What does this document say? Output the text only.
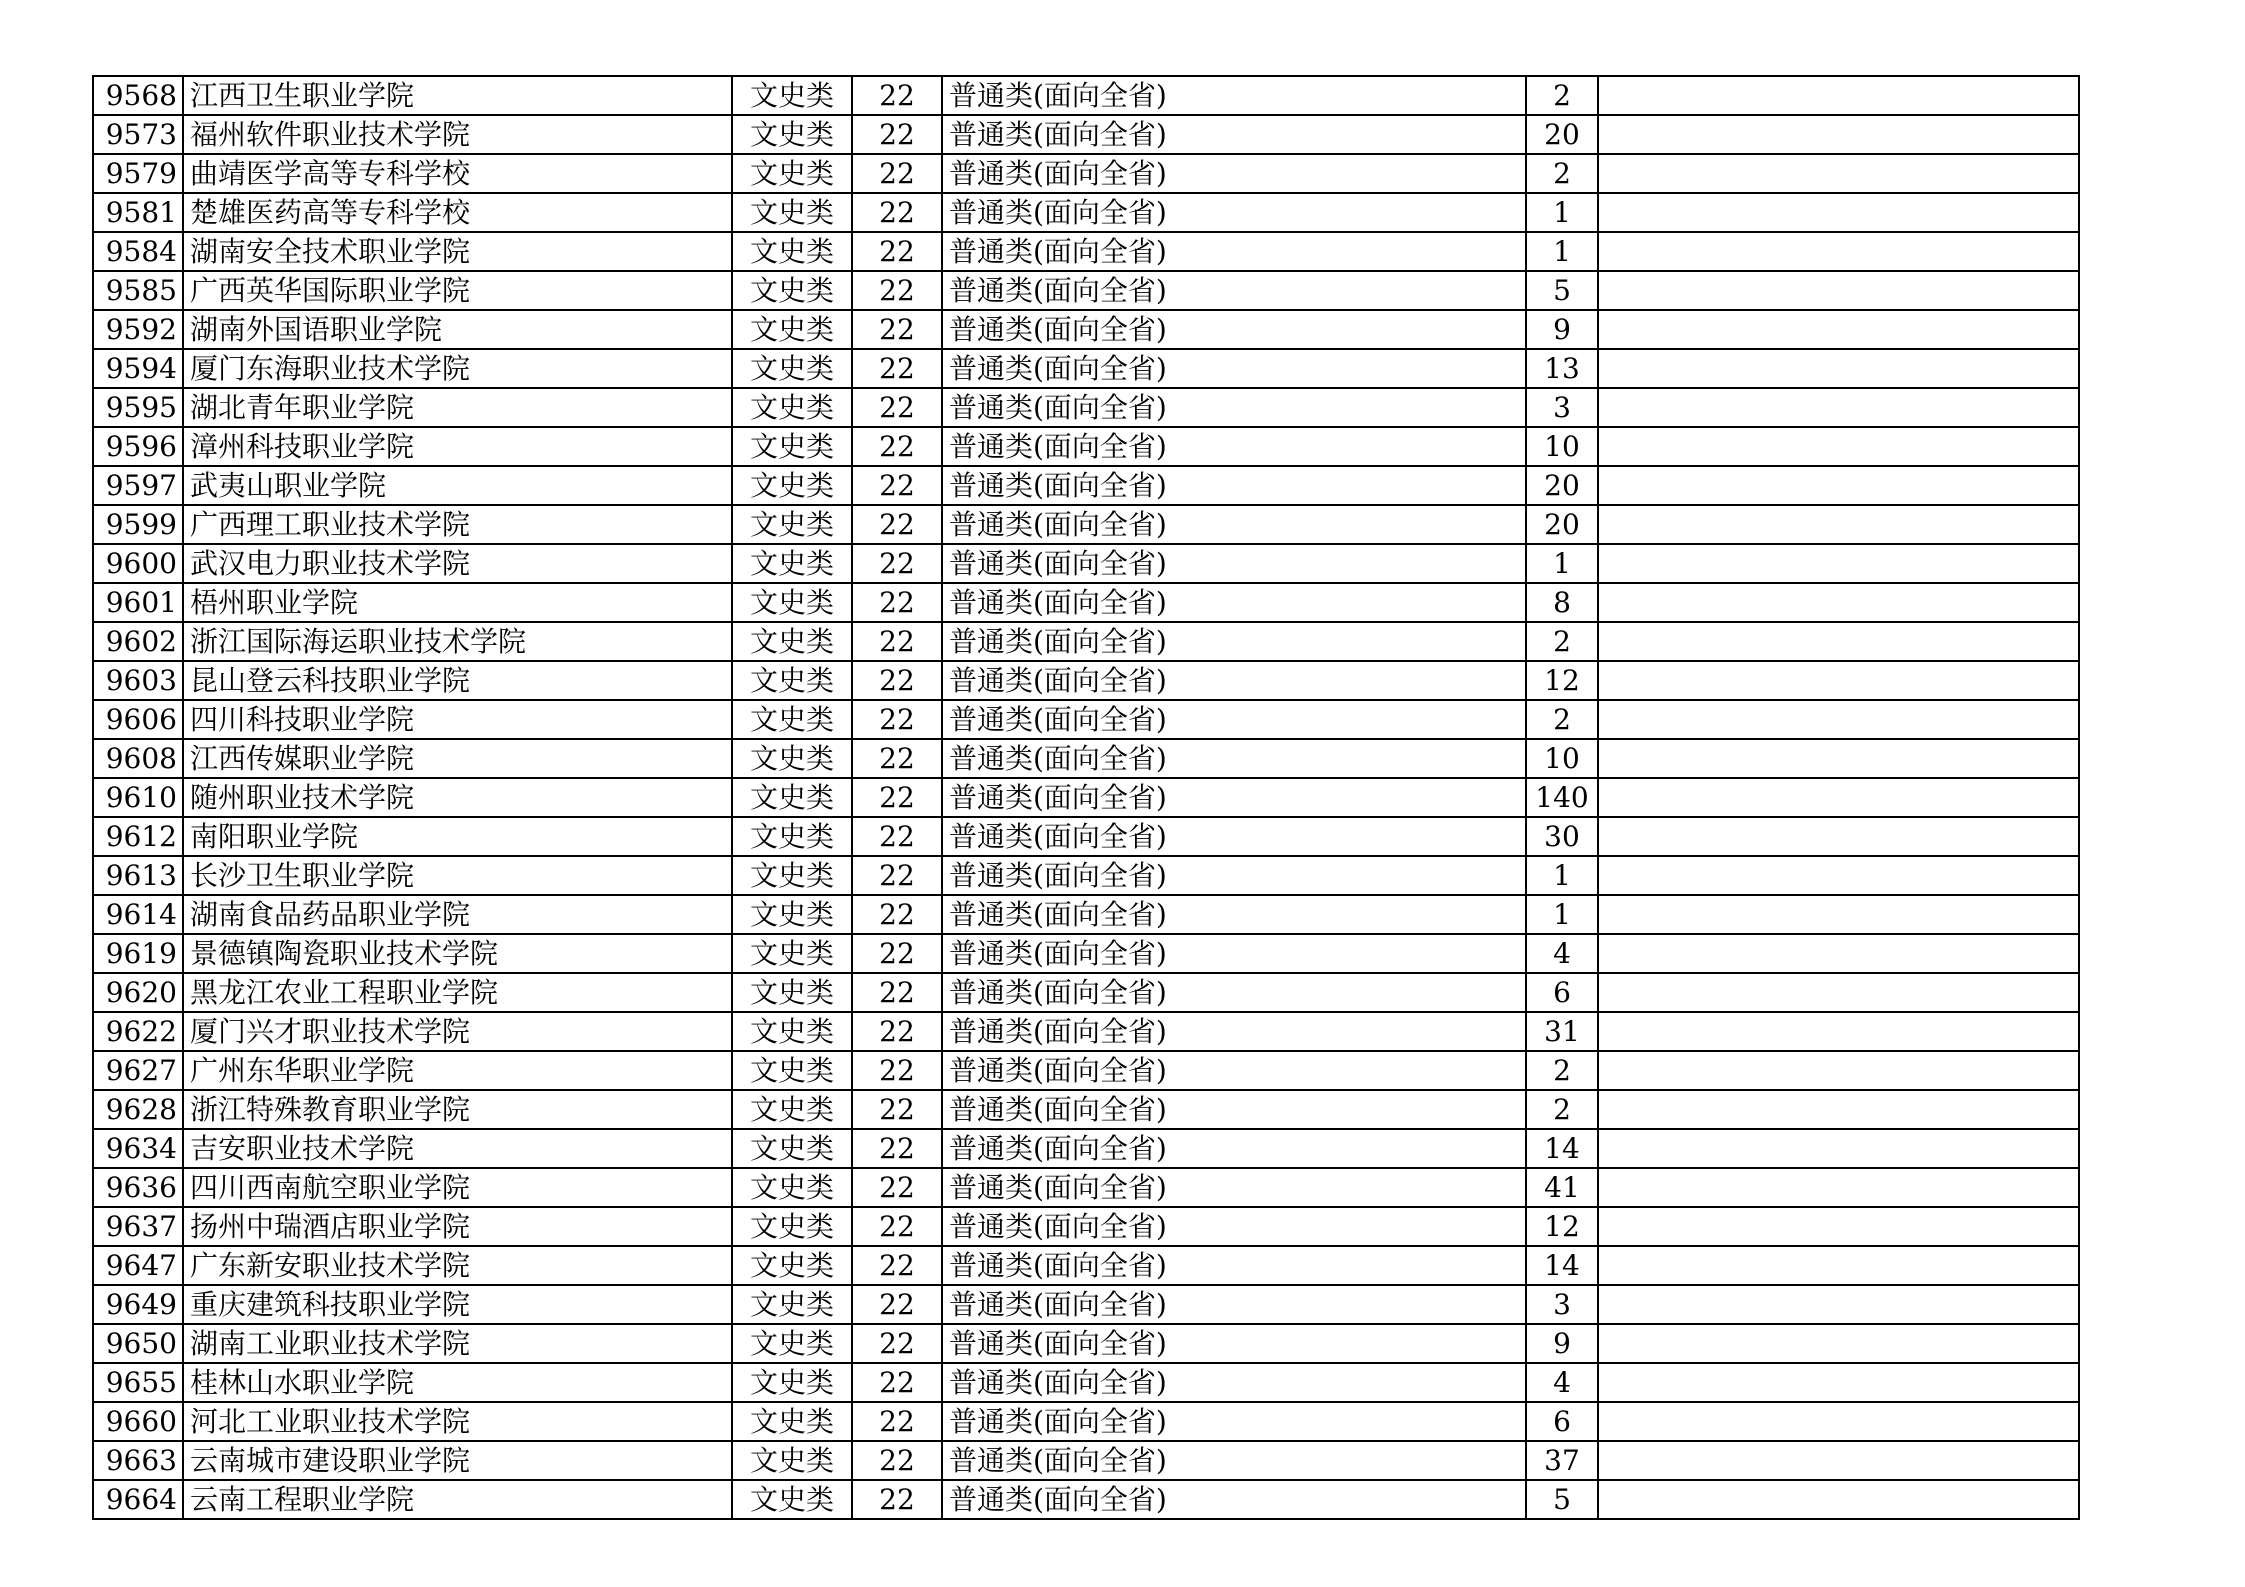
9568	江西卫生职业学院	文史类	22	普通类(面向全省)	2	
9573	福州软件职业技术学院	文史类	22	普通类(面向全省)	20	
9579	曲靖医学高等专科学校	文史类	22	普通类(面向全省)	2	
9581	楚雄医药高等专科学校	文史类	22	普通类(面向全省)	1	
9584	湖南安全技术职业学院	文史类	22	普通类(面向全省)	1	
9585	广西英华国际职业学院	文史类	22	普通类(面向全省)	5	
9592	湖南外国语职业学院	文史类	22	普通类(面向全省)	9	
9594	厦门东海职业技术学院	文史类	22	普通类(面向全省)	13	
9595	湖北青年职业学院	文史类	22	普通类(面向全省)	3	
9596	漳州科技职业学院	文史类	22	普通类(面向全省)	10	
9597	武夷山职业学院	文史类	22	普通类(面向全省)	20	
9599	广西理工职业技术学院	文史类	22	普通类(面向全省)	20	
9600	武汉电力职业技术学院	文史类	22	普通类(面向全省)	1	
9601	梧州职业学院	文史类	22	普通类(面向全省)	8	
9602	浙江国际海运职业技术学院	文史类	22	普通类(面向全省)	2	
9603	昆山登云科技职业学院	文史类	22	普通类(面向全省)	12	
9606	四川科技职业学院	文史类	22	普通类(面向全省)	2	
9608	江西传媒职业学院	文史类	22	普通类(面向全省)	10	
9610	随州职业技术学院	文史类	22	普通类(面向全省)	140	
9612	南阳职业学院	文史类	22	普通类(面向全省)	30	
9613	长沙卫生职业学院	文史类	22	普通类(面向全省)	1	
9614	湖南食品药品职业学院	文史类	22	普通类(面向全省)	1	
9619	景德镇陶瓷职业技术学院	文史类	22	普通类(面向全省)	4	
9620	黑龙江农业工程职业学院	文史类	22	普通类(面向全省)	6	
9622	厦门兴才职业技术学院	文史类	22	普通类(面向全省)	31	
9627	广州东华职业学院	文史类	22	普通类(面向全省)	2	
9628	浙江特殊教育职业学院	文史类	22	普通类(面向全省)	2	
9634	吉安职业技术学院	文史类	22	普通类(面向全省)	14	
9636	四川西南航空职业学院	文史类	22	普通类(面向全省)	41	
9637	扬州中瑞酒店职业学院	文史类	22	普通类(面向全省)	12	
9647	广东新安职业技术学院	文史类	22	普通类(面向全省)	14	
9649	重庆建筑科技职业学院	文史类	22	普通类(面向全省)	3	
9650	湖南工业职业技术学院	文史类	22	普通类(面向全省)	9	
9655	桂林山水职业学院	文史类	22	普通类(面向全省)	4	
9660	河北工业职业技术学院	文史类	22	普通类(面向全省)	6	
9663	云南城市建设职业学院	文史类	22	普通类(面向全省)	37	
9664	云南工程职业学院	文史类	22	普通类(面向全省)	5	
